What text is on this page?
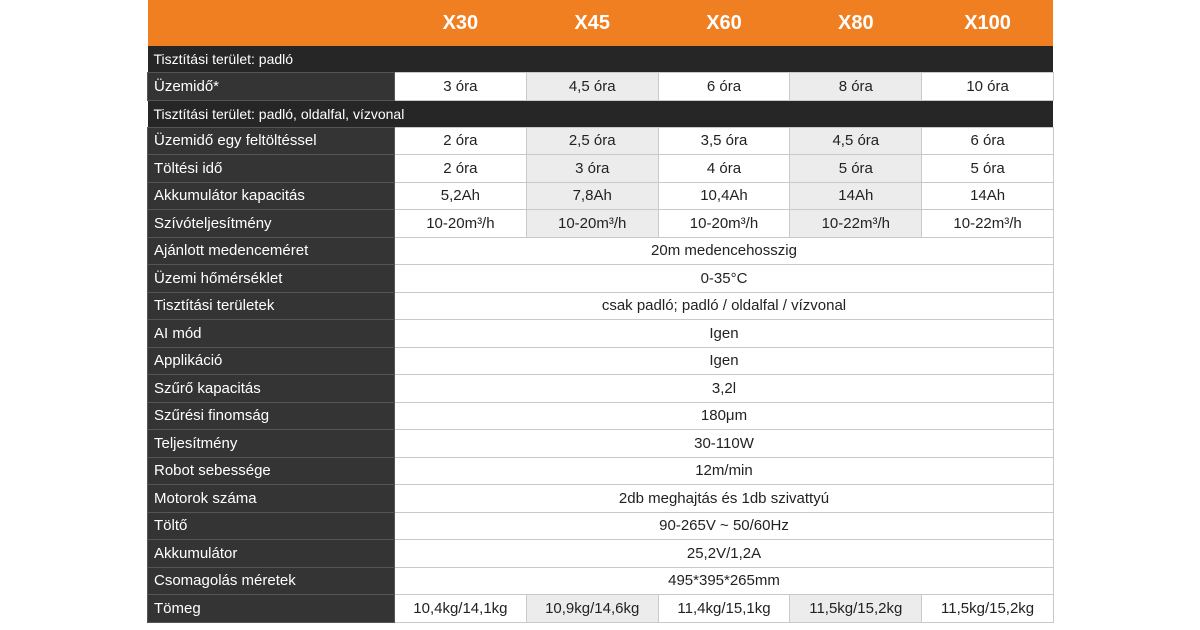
	X30	X45	X60	X80	X100
Tisztítási terület: padló					
Üzemidő*	3 óra	4,5 óra	6 óra	8 óra	10 óra
Tisztítási terület: padló, oldalfal, vízvonal					
Üzemidő egy feltöltéssel	2 óra	2,5 óra	3,5 óra	4,5 óra	6 óra
Töltési idő	2 óra	3 óra	4 óra	5 óra	5 óra
Akkumulátor kapacitás	5,2Ah	7,8Ah	10,4Ah	14Ah	14Ah
Szívóteljesítmény	10-20m³/h	10-20m³/h	10-20m³/h	10-22m³/h	10-22m³/h
Ajánlott medenceméret	20m medencehosszig				
Üzemi hőmérséklet	0-35°C				
Tisztítási területek	csak padló; padló / oldalfal / vízvonal				
AI mód	Igen				
Applikáció	Igen				
Szűrő kapacitás	3,2l				
Szűrési finomság	180μm				
Teljesítmény	30-110W				
Robot sebessége	12m/min				
Motorok száma	2db meghajtás és 1db szivattyú				
Töltő	90-265V ~ 50/60Hz				
Akkumulátor	25,2V/1,2A				
Csomagolás méretek	495*395*265mm				
Tömeg	10,4kg/14,1kg	10,9kg/14,6kg	11,4kg/15,1kg	11,5kg/15,2kg	11,5kg/15,2kg
